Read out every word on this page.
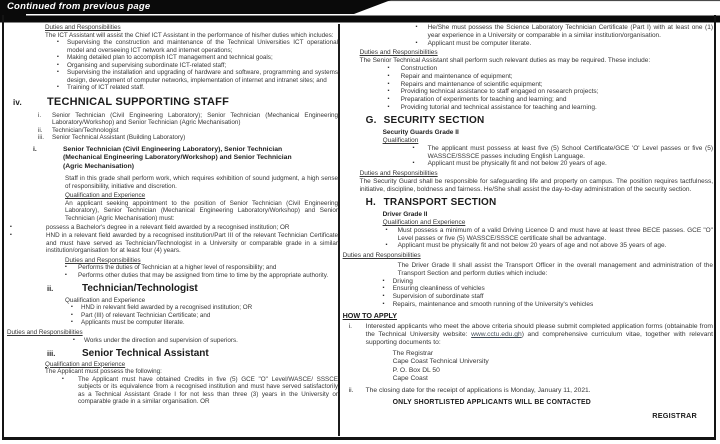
Continued from previous page
Duties and Responsibilities
The ICT Assistant will assist the Chief ICT Assistant in the performance of his/her duties which includes:
▪	Supervising the construction and maintenance of the Technical Universities ICT operational model and overseeing ICT network and internet operations;
▪	Making detailed plan to accomplish ICT management and technical goals;
▪	Organising and supervising subordinate ICT-related staff;
▪	Supervising the installation and upgrading of hardware and software, programming and systems design, development of computer networks, implementation of internet and intranet sites; and
▪	Training of ICT related staff.
iv.	TECHNICAL SUPPORTING STAFF
i.	Senior Technician (Civil Engineering Laboratory); Senior Technician (Mechanical Engineering Laboratory/Workshop) and Senior Technician (Agric Mechanisation)
ii.	Technician/Technologist
iii.	Senior Technical Assistant (Building Laboratory)
i.	Senior Technician (Civil Engineering Laboratory), Senior Technician (Mechanical Engineering Laboratory/Workshop) and Senior Technician (Agric Mechanisation)
Staff in this grade shall perform work, which requires exhibition of sound judgment, a high sense of responsibility, initiative and discretion.
Qualification and Experience
An applicant seeking appointment to the position of Senior Technician (Civil Engineering Laboratory), Senior Technician (Mechanical Engineering Laboratory/Workshop) and Senior Technician (Agric Mechanisation) must:
▪	possess a Bachelor's degree in a relevant field awarded by a recognised institution; OR
▪	HND in a relevant field awarded by a recognised institution/Part III of the relevant Technician Certificate and must have served as Technician/Technologist in a University or comparable grade in a similar institution/organisation for at least four (4) years.
Duties and Responsibilities
▪	Performs the duties of Technician at a higher level of responsibility; and
▪	Performs other duties that may be assigned from time to time by the appropriate authority.
ii.	Technician/Technologist
Qualification and Experience
▪	HND in relevant field awarded by a recognised institution; OR
▪	Part (III) of relevant Technician Certificate; and
▪	Applicants must be computer literate.
Duties and Responsibilities
▪	Works under the direction and supervision of superiors.
iii.	Senior Technical Assistant
Qualification and Experience
The Applicant must possess the following:
▪	The Applicant must have obtained Credits in five (5) GCE "O" Level/WASCE/ SSSCE subjects or its equivalence from a recognised institution and must have served satisfactorily as a Technical Assistant Grade I for not less than three (3) years in the University or comparable grade in a similar organisation. OR
▪	He/She must possess the Science Laboratory Technician Certificate (Part I) with at least one (1) year experience in a University or comparable in a similar institution/organisation.
▪	Applicant must be computer literate.
Duties and Responsibilities
The Senior Technical Assistant shall perform such relevant duties as may be required. These include:
▪	Construction
▪	Repair and maintenance of equipment;
▪	Repairs and maintenance of scientific equipment;
▪	Providing technical assistance to staff engaged on research projects;
▪	Preparation of experiments for teaching and learning; and
▪	Providing tutorial and technical assistance for teaching and learning.
G. SECURITY SECTION
Security Guards Grade II
Qualification
▪	The applicant must possess at least five (5) School Certificate/GCE 'O' Level passes or five (5) WASSCE/SSSCE passes including English Language.
▪	Applicant must be physically fit and not below 20 years of age.
Duties and Responsibilities
The Security Guard shall be responsible for safeguarding life and property on campus. The position requires tactfulness, initiative, discipline, boldness and fairness. He/She shall assist the day-to-day administration of the security section.
H. TRANSPORT SECTION
Driver Grade II
Qualification and Experience
▪	Must possess a minimum of a valid Driving Licence D and must have at least three BECE passes. GCE "O" Level passes or five (5) WASSCE/SSSCE certificate shall be advantage.
▪	Applicant must be physically fit and not below 20 years of age and not above 35 years of age.
Duties and Responsibilities
The Driver Grade II shall assist the Transport Officer in the overall management and administration of the Transport Section and perform duties which include:
▪	Driving
▪	Ensuring cleanliness of vehicles
▪	Supervision of subordinate staff
▪	Repairs, maintenance and smooth running of the University's vehicles
HOW TO APPLY
i.	Interested applicants who meet the above criteria should please submit completed application forms (obtainable from the Technical University website: www.cctu.edu.gh) and comprehensive curriculum vitae, together with relevant supporting documents to:
The Registrar
Cape Coast Technical University
P. O. Box DL 50
Cape Coast
ii.	The closing date for the receipt of applications is Monday, January 11, 2021.
ONLY SHORTLISTED APPLICANTS WILL BE CONTACTED
REGISTRAR
